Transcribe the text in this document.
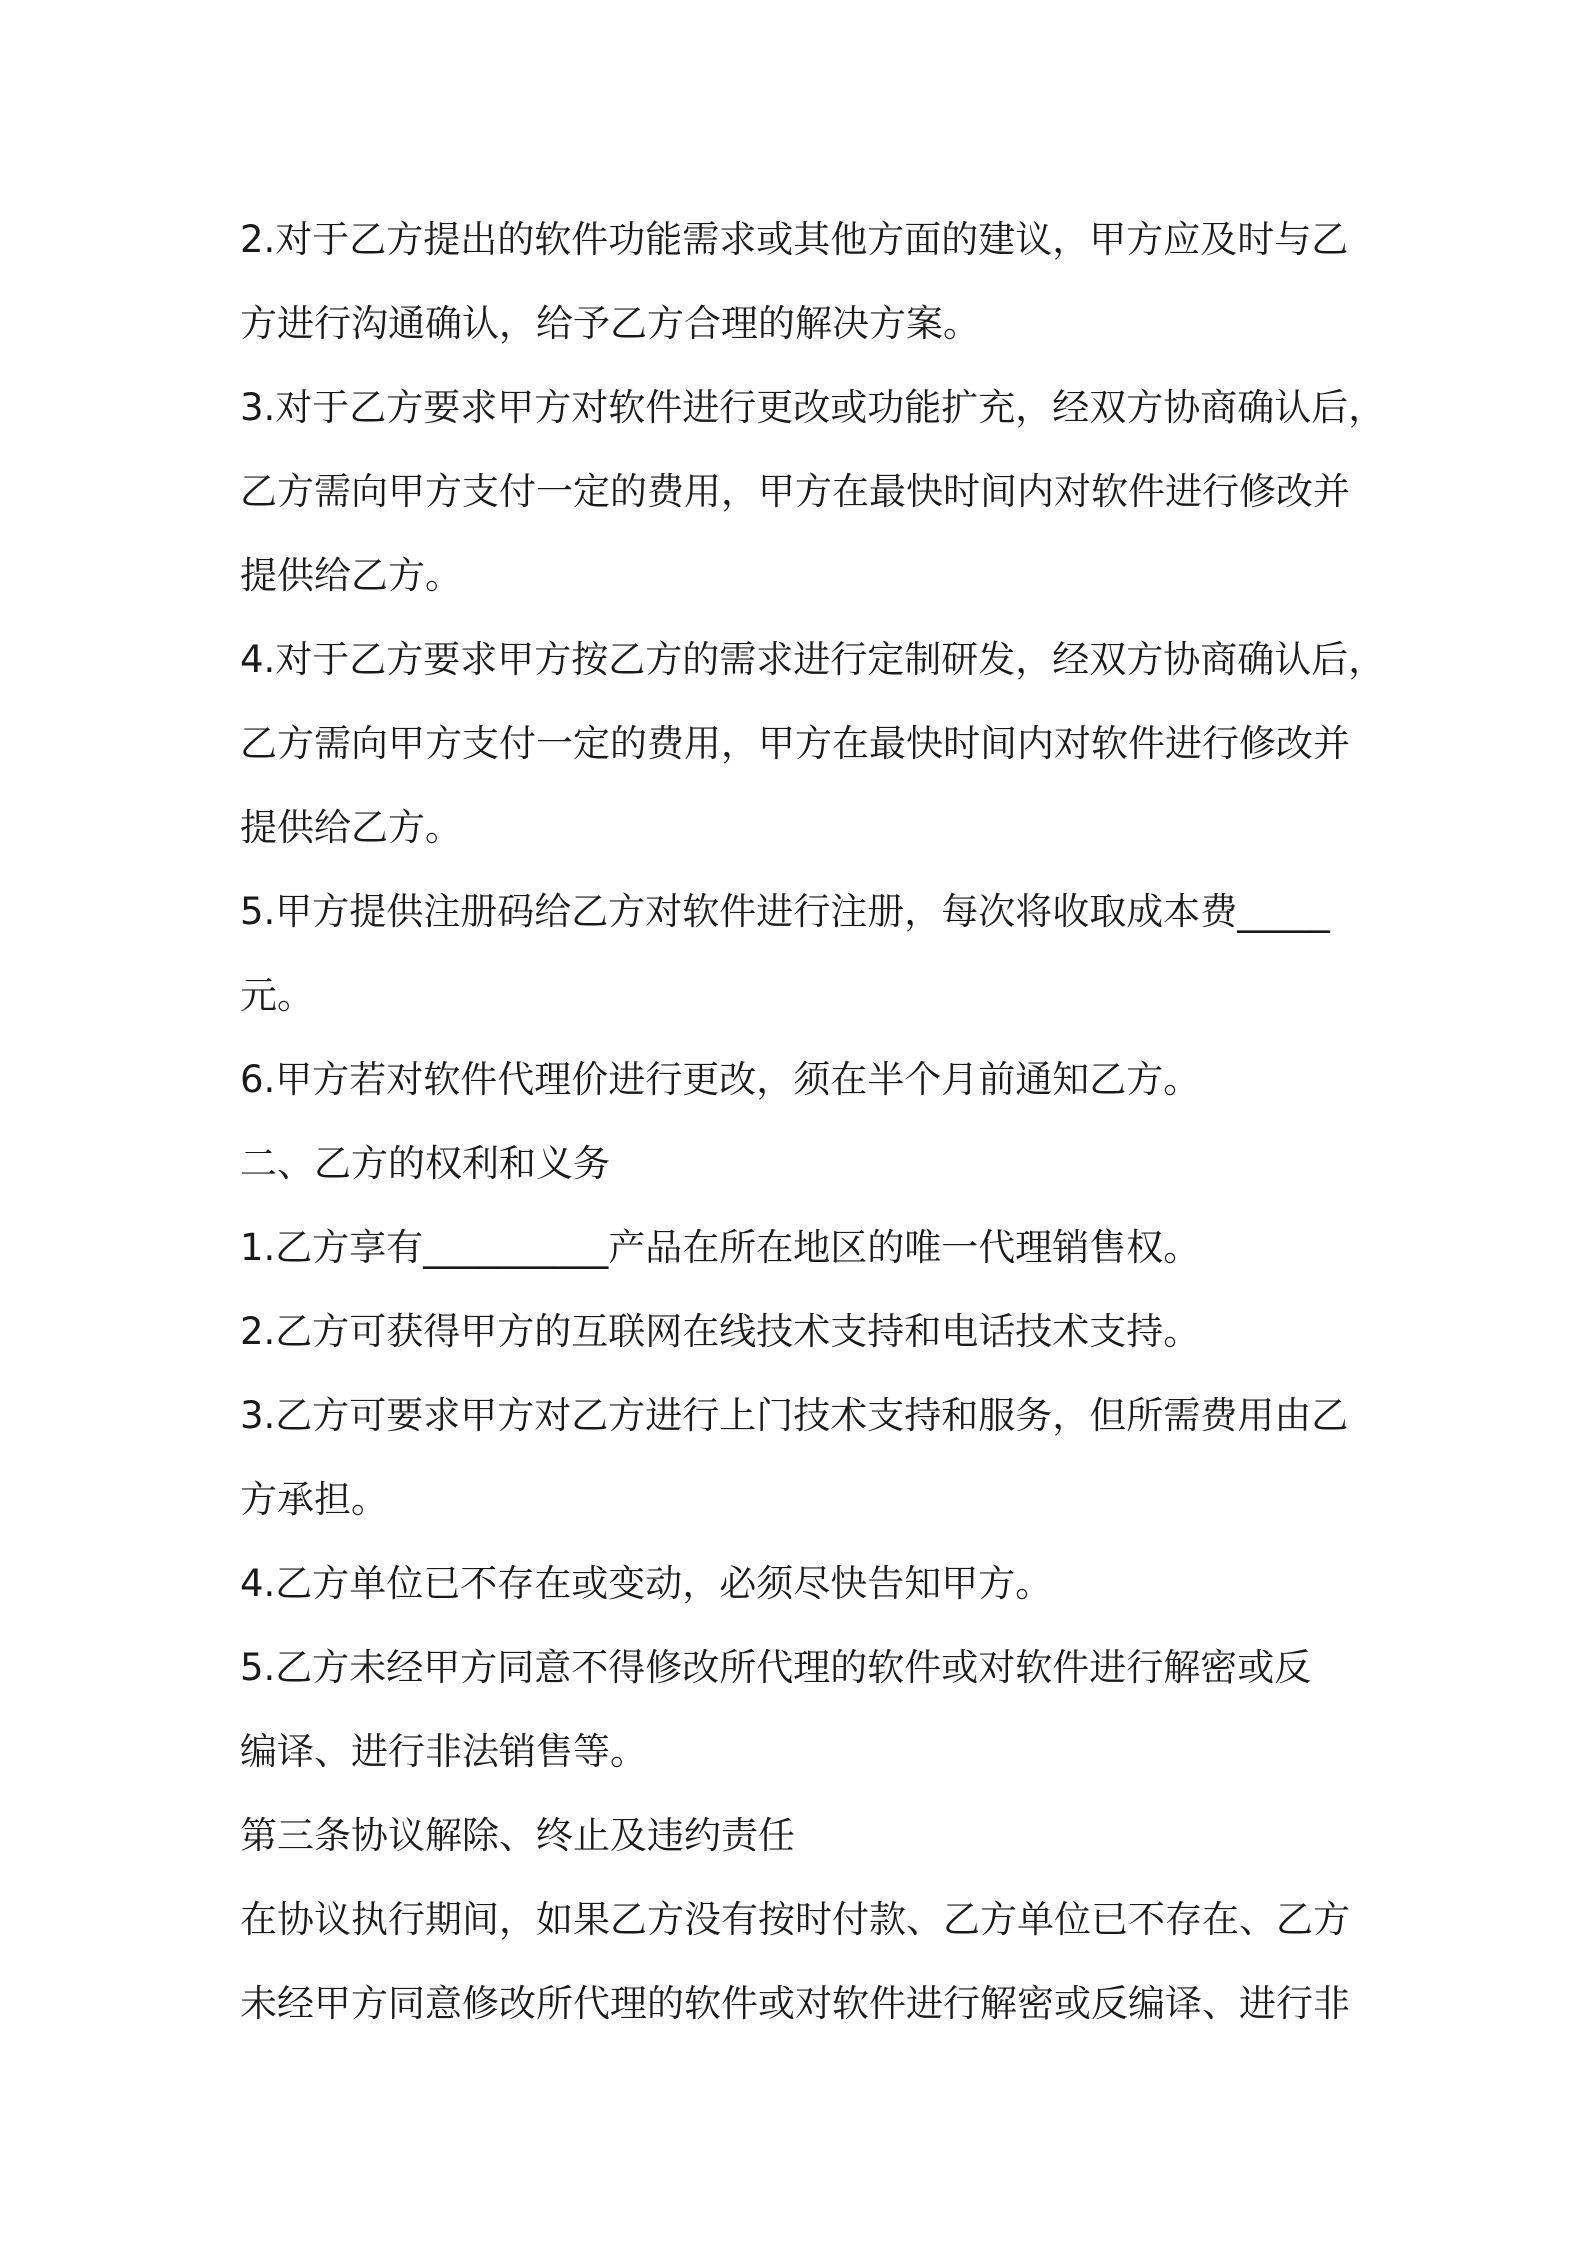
2.对于乙方提出的软件功能需求或其他方面的建议，甲方应及时与乙
方进行沟通确认，给予乙方合理的解决方案。
3.对于乙方要求甲方对软件进行更改或功能扩充，经双方协商确认后，
乙方需向甲方支付一定的费用，甲方在最快时间内对软件进行修改并
提供给乙方。
4.对于乙方要求甲方按乙方的需求进行定制研发，经双方协商确认后，
乙方需向甲方支付一定的费用，甲方在最快时间内对软件进行修改并
提供给乙方。
5.甲方提供注册码给乙方对软件进行注册，每次将收取成本费_____
元。
6.甲方若对软件代理价进行更改，须在半个月前通知乙方。
二、乙方的权利和义务
1.乙方享有__________产品在所在地区的唯一代理销售权。
2.乙方可获得甲方的互联网在线技术支持和电话技术支持。
3.乙方可要求甲方对乙方进行上门技术支持和服务，但所需费用由乙
方承担。
4.乙方单位已不存在或变动，必须尽快告知甲方。
5.乙方未经甲方同意不得修改所代理的软件或对软件进行解密或反
编译、进行非法销售等。
第三条协议解除、终止及违约责任
在协议执行期间，如果乙方没有按时付款、乙方单位已不存在、乙方
未经甲方同意修改所代理的软件或对软件进行解密或反编译、进行非
